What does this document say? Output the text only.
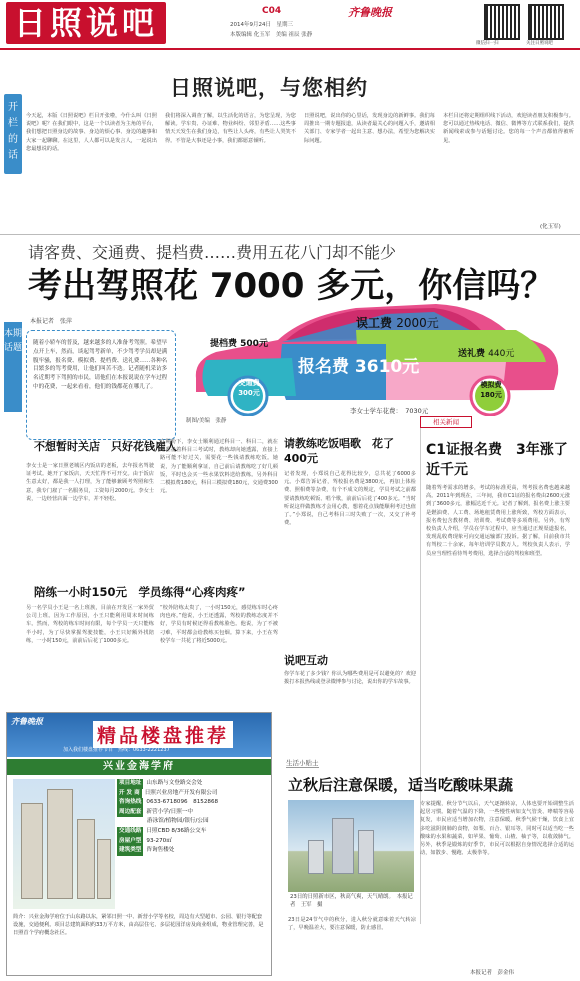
日照说吧	C04
2014年9月24日　星期三
本版编辑 化玉军　美编 祖辰 张静
齐鲁晚报
微信扫一扫	关注日照说吧
日照说吧，与您相约
开栏的话
今天起，本版《日照说吧》栏目开张啦，今什么叫《日照说吧》呢？在我们眼中，这是一个以读者为主角的平台，我们想把日照身边的故事、身边的烦心事、身边的趣事和大家一起聊聊。在这里，人人都可以是发言人，一起说出您最想说的话。
我们将深入调查了解，以生活化的语言，为您呈现，为您解读。学车贵、办证难、物业纠纷、邻里矛盾……这些事情天天发生在我们身边，有些让人头疼，有些让人哭笑不得。不管是大事还是小事，我们都愿意倾听。
日照说吧，说出你的心里话，发现身边的新鲜事。我们每周推出一期专题报道，从读者最关心的问题入手，邀请相关部门、专家学者一起出主意、想办法，希望为您解决实际问题。
本栏目还将定期组织线下活动，欢迎读者朋友积极参与。您可以通过热线电话、微信、微博等方式联系我们，提供新闻线索或参与话题讨论。您的每一个声音都值得被听见。
(化玉军)
请客费、交通费、提档费……费用五花八门却不能少
考出驾照花 7000 多元，你信吗？
本报记者　张萍
本期话题	随着小轿车的普及，越来越多的人准备考驾照。希望早点开上车，然而，谈起驾考新单，不少驾考学员却是满腹牢骚，报名费、模拟费、提档费、送礼费……各种名目繁多的驾考费用，让他们叫苦不迭。记者随机采访多名近期考下驾照的市民，请他们在本报说说在学车过程中的花费，一起来看看，他们的钱都花在哪儿了。
提档费 500元
误工费 2000元
交通费
300元
报名费 3610元
送礼费 440元
模拟费
180元
李女士学车花费：　7030元
制图/美编　张静	相关新闻
C1证报名费　3年涨了近千元
随着驾考需求的增多，考试的标准更高，驾考报名费也越来越高。2011年到现在，三年间，我市C1证的报名费由2600元涨到了3600多元，涨幅达近千元。记者了解到，报名费上涨主要是燃油费、人工费、场地租赁费用上涨所致，驾校方面表示，报名费包含教材费、培训费、考试费等多项费用。另外，有驾校负责人介绍，学员在学车过程中，应当通过正规渠道报名，发现乱收费现象可向交通运输部门投诉。据了解，目前我市共有驾校二十余家，每年培训学员数万人。驾校负责人表示，学员应当理性看待驾考费用，选择合适的驾校和班型。
不想暂时关店　只好花钱雇人
李女士是一家日照老城区内饭店的老板，去年报名驾驶证考试。她开了家饭店，天天忙得不可开交。由于饭店生意太好，都是我一人打理，为了能够兼顾考驾照和生意，我专门雇了一名服务员，工资每月2000元。李女士说，一边经营店面一边学车，并不轻松。
在期盼下，李女士顺利通过科目一、科目二，就在她准备着科目三考试时，教练却向她透露，直接上路可能不好过关，需要花一些钱请教练吃饭。她说，为了能顺利拿证，自己前后请教练吃了好几顿饭，平时也会买一些水果饮料送给教练。另外科目二模拟费180元，科目三模拟费180元，交通费300元。
陪练一小时150元　学员练得“心疼肉疼”
另一名学员小王是一名上班族，目前在开发区一家外贸公司上班。因为工作原因，小王只能利用周末时间练车。然而，驾校的练车时间有限，每个学员一天只能练半小时，为了尽快掌握驾驶技能，小王只好额外找陪练，一小时150元，前前后后花了1000多元。
“校外陪练太贵了，一小时150元，感觉练车时心疼肉也疼。”他说，小王还透露，驾校的教练态度并不好，学员有时候还得看教练脸色。他说，为了不被刁难，平时都会给教练买包烟。算下来，小王在驾校学车一共花了将近5000元。
请教练吃饭唱歌　花了400元
记者发现，小郑说自己花得比较少，总共花了6000多元。小郑告诉记者，驾校报名费是3800元，再加上体检费、照相费等杂费，有个不成文的规定，学员考试之前都要请教练吃顿饭、唱个歌，前前后后花了400多元。“当时听说这样做教练才会用心教，想着花点钱能顺利考过也值了。”小郑说，自己考科目三时失败了一次，又交了补考费。
说吧互动
你学车花了多少钱？你认为哪些费用是可以避免的？欢迎拨打本报热线或登录微博参与讨论，说出你的学车故事。
齐鲁晚报
精品楼盘推荐
加入我们楼盘推荐节目　热线：0633-2221237
兴业金海学府
项目地址 山东路与文登路交会处
开 发 商 日照兴业房地产开发有限公司
咨询热线 0633-6718096　8152868
周边配套 新营小学/日照一中
游泳馆/植物园/银行/公园
交通线路 日照CBD 8/36路公交车
房屋户型 93-270㎡
建筑类型 咨询售楼处
简介：兴业金海学府位于山东路以东，紧邻日照一中、新营小学等名校，周边有大型超市、公园、银行等配套设施，交通便利。项目总建筑面积约33万平方米，由高层住宅、多层花园洋房及商业组成，物业管理完善，是日照首个学府概念社区。
生活小贴士
立秋后注意保暖，适当吃酸味果蔬
23日的日照新市区，秋高气爽，天气晴朗。　本报记者　王军　摄
23日是24节气中的秋分，进入秋分就意味着天气转凉了，早晚温差大，要注意保暖，防止感冒。
专家提醒，秋分节气以后，天气逐渐转凉，人体也要开始调整生活起居习惯。随着气温的下降，一些慢性病如支气管炎、哮喘等容易复发，市民应适当增加衣物，注意保暖。秋季气候干燥，饮食上宜多吃滋阴润肺的食物，如梨、百合、银耳等，同时可以适当吃一些酸味的水果和蔬菜，如苹果、葡萄、山楂、柚子等，以收敛肺气。另外，秋季是锻炼的好季节，市民可以根据自身情况选择合适的运动，如散步、慢跑、太极拳等。
本报记者　彭金伟
